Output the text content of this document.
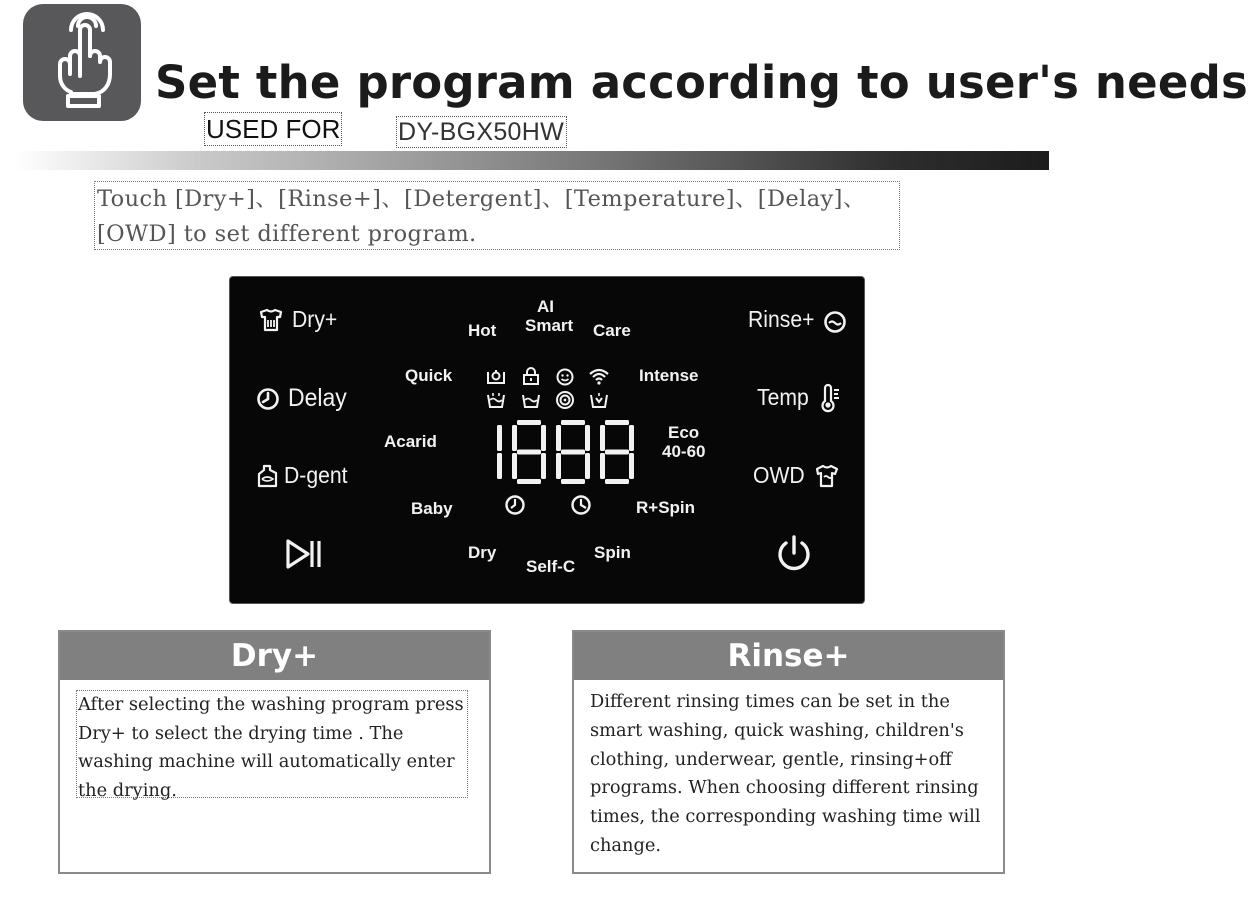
Set the program according to user's needs
USED FOR DY-BGX50HW
Touch [Dry+]、[Rinse+]、[Detergent]、[Temperature]、[Delay]、[OWD] to set different program.
Dry+
Delay
D-gent
Rinse+
Temp
OWD
AI
Smart
Hot	Care
Quick	Intense
Acarid	Eco
40-60
Baby	R+Spin
Dry
Self-C
Spin
Dry+
After selecting the washing program press Dry+ to select the drying time . The washing machine will automatically enter the drying.
Rinse+
Different rinsing times can be set in the smart washing, quick washing, children's clothing, underwear, gentle, rinsing+off programs. When choosing different rinsing times, the corresponding washing time will change.
